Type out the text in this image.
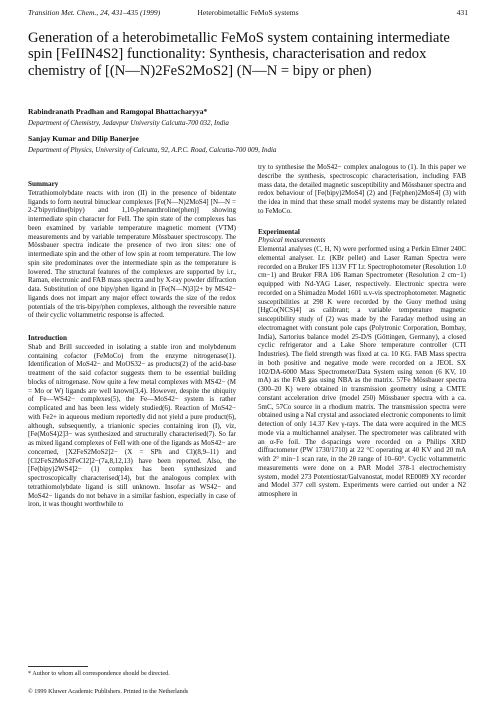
Transition Met. Chem., 24, 431–435 (1999)	Heterobimetallic FeMoS systems	431
Generation of a heterobimetallic FeMoS system containing intermediate spin [FeIIN4S2] functionality: Synthesis, characterisation and redox chemistry of [(N—N)2FeS2MoS2] (N—N = bipy or phen)

Rabindranath Pradhan and Ramgopal Bhattacharyya*

Department of Chemistry, Jadavpur University Calcutta-700 032, India

Sanjay Kumar and Dilip Banerjee

Department of Physics, University of Calcutta, 92, A.P.C. Road, Calcutta-700 009, India

Summary

Tetrathiomolybdate reacts with iron (II) in the presence of bidentate ligands to form neutral binuclear complexes [Fe(N—N)2MoS4] [N—N = 2-2′bipyridine(bipy) and 1,10-phenanthroline(phen)] showing intermediate spin character for FeII. The spin state of the complexes has been examined by variable temperature magnetic moment (VTM) measurements and by variable temperature Mössbauer spectroscopy. The Mössbauer spectra indicate the presence of two iron sites: one of intermediate spin and the other of low spin at room temperature. The low spin site predominates over the intermediate spin as the temperature is lowered. The structural features of the complexes are supported by i.r., Raman, electronic and FAB mass spectra and by X-ray powder diffraction data. Substitution of one bipy/phen ligand in [Fe(N—N)3]2+ by MS42− ligands does not impart any major effect towards the size of the redox potentials of the tris-bipy/phen complexes, although the reversible nature of their cyclic voltammetric response is affected.

Introduction

Shab and Brill succeeded in isolating a stable iron and molybdenum containing cofactor (FeMoCo) from the enzyme nitrogenase(1). Identification of MoS42− and MoOS32− as products(2) of the acid-base treatment of the said cofactor suggests them to be essential building blocks of nitrogenase. Now quite a few metal complexes with MS42− (M = Mo or W) ligands are well known(3,4). However, despite the ubiquity of Fe—WS42− complexes(5), the Fe—MoS42− system is rather complicated and has been less widely studied(6). Reaction of MoS42− with Fe2+ in aqueous medium reportedly did not yield a pure product(6), although, subsequently, a trianionic species containing iron (I), viz, [Fe(MoS4)2]3− was synthesized and structurally characterised(7). So far as mixed ligand complexes of FeII with one of the ligands as MoS42− are concerned, [X2FeS2MoS2]2− (X = SPh and Cl)(8,9–11) and [Cl2FeS2MoS2FeCl2]2−(7a,8,12,13) have been reported. Also, the [Fe(bipy)2WS4]2− (1) complex has been synthesized and spectroscopically characterised(14), but the analogous complex with tetrathiomolybdate ligand is still unknown. Insofar as WS42− and MoS42− ligands do not behave in a similar fashion, especially in case of iron, it was thought worthwhile to

try to synthesise the MoS42− complex analogous to (1). In this paper we describe the synthesis, spectroscopic characterisation, including FAB mass data, the detailed magnetic susceptibility and Mössbauer spectra and redox behaviour of [Fe(bipy)2MoS4] (2) and [Fe(phen)2MoS4] (3) with the idea in mind that these small model systems may be distantly related to FeMoCo.

Experimental

Physical measurements

Elemental analyses (C, H, N) were performed using a Perkin Elmer 240C elemental analyser. I.r. (KBr pellet) and Laser Raman Spectra were recorded on a Bruker IFS 113V FT I.r. Spectrophotometer (Resolution 1.0 cm−1) and Bruker FRA 106 Raman Spectrometer (Resolution 2 cm−1) equipped with Nd-YAG Laser, respectively. Electronic spectra were recorded on a Shimadzu Model 1601 u.v-vis spectrophotometer. Magnetic susceptibilities at 298 K were recorded by the Guoy method using [HgCo(NCS)4] as calibrant; a variable temperature magnetic susceptibility study of (2) was made by the Faraday method using an electromagnet with constant pole caps (Polytronic Corporation, Bombay, India), Sartorius balance model 25-D/S (Göttingen, Germany), a closed cyclic refrigerator and a Lake Shore temperature controller (CTI Industries). The field strength was fixed at ca. 10 KG. FAB Mass spectra in both positive and negative mode were recorded on a JEOL SX 102/DA-6000 Mass Spectrometer/Data System using xenon (6 KV, 10 mA) as the FAB gas using NBA as the matrix. 57Fe Mössbauer spectra (300–20 K) were obtained in transmission geometry using a CMTE constant acceleration drive (model 250) Mössbauer spectra with a ca. 5mC, 57Co source in a rhodium matrix. The transmission spectra were obtained using a NaI crystal and associated electronic components to limit detection of only 14.37 Kev γ-rays. The data were acquired in the MCS mode via a multichannel analyser. The spectrometer was calibrated with an α-Fe foil. The d-spacings were recorded on a Philips XRD diffractometer (PW 1730/1710) at 22 °C operating at 40 KV and 20 mA with 2° min−1 scan rate, in the 2θ range of 10–60°. Cyclic voltammetric measurements were done on a PAR Model 378-1 electrochemistry system, model 273 Potentiostat/Galvanostat, model RE0089 XY recorder and Model 377 cell system. Experiments were carried out under a N2 atmosphere in

* Author to whom all correspondence should be directed.
© 1999 Kluwer Academic Publishers. Printed in the Netherlands
